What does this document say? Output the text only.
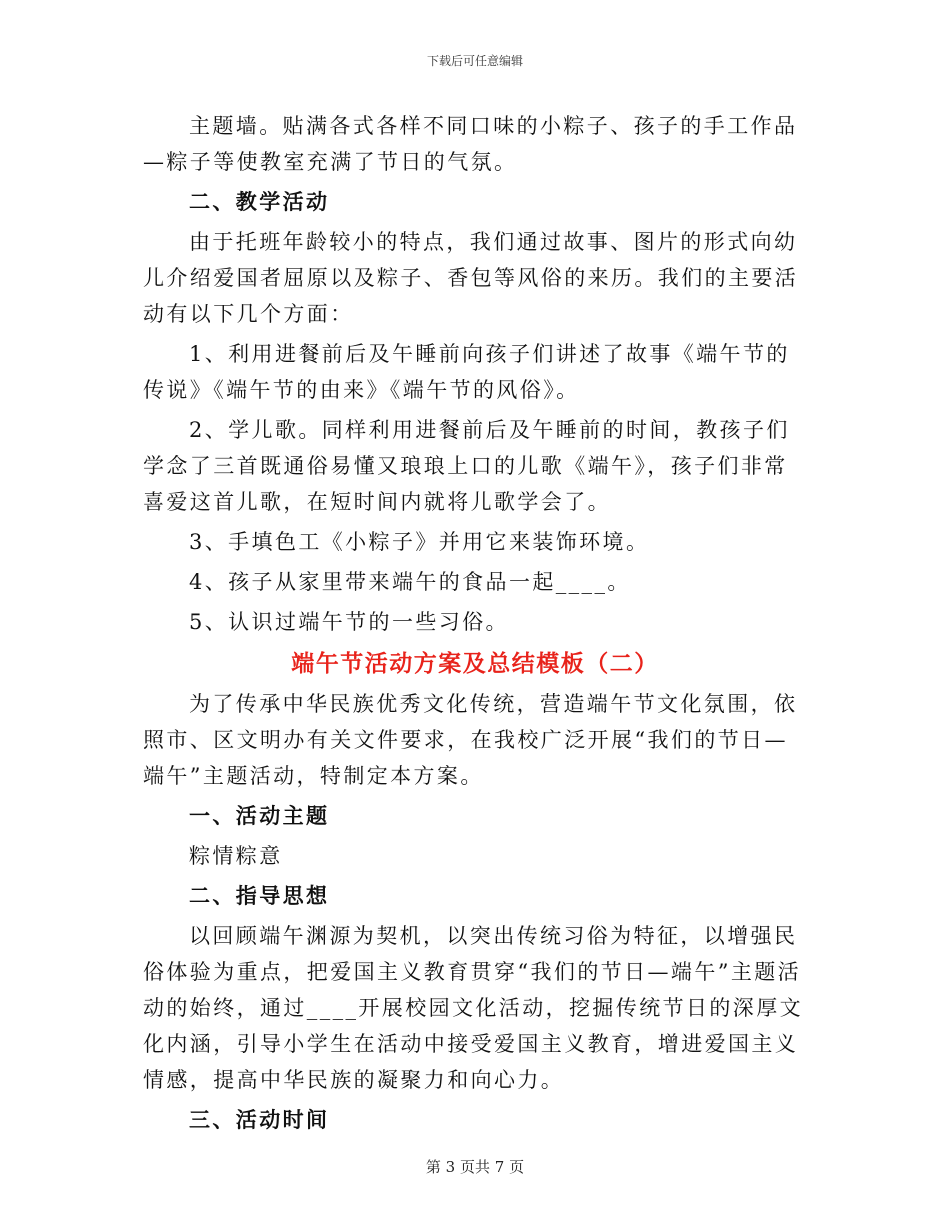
下载后可任意编辑

主题墙。贴满各式各样不同口味的小粽子、孩子的手工作品—粽子等使教室充满了节日的气氛。

二、教学活动

由于托班年龄较小的特点，我们通过故事、图片的形式向幼儿介绍爱国者屈原以及粽子、香包等风俗的来历。我们的主要活动有以下几个方面：

1、利用进餐前后及午睡前向孩子们讲述了故事《端午节的传说》《端午节的由来》《端午节的风俗》。

2、学儿歌。同样利用进餐前后及午睡前的时间，教孩子们学念了三首既通俗易懂又琅琅上口的儿歌《端午》，孩子们非常喜爱这首儿歌，在短时间内就将儿歌学会了。

3、手填色工《小粽子》并用它来装饰环境。

4、孩子从家里带来端午的食品一起____。

5、认识过端午节的一些习俗。

端午节活动方案及总结模板（二）

为了传承中华民族优秀文化传统，营造端午节文化氛围，依照市、区文明办有关文件要求，在我校广泛开展“我们的节日—端午”主题活动，特制定本方案。

一、活动主题

粽情粽意

二、指导思想

以回顾端午渊源为契机，以突出传统习俗为特征，以增强民俗体验为重点，把爱国主义教育贯穿“我们的节日—端午”主题活动的始终，通过____开展校园文化活动，挖掘传统节日的深厚文化内涵，引导小学生在活动中接受爱国主义教育，增进爱国主义情感，提高中华民族的凝聚力和向心力。

三、活动时间

第 3 页共 7 页
